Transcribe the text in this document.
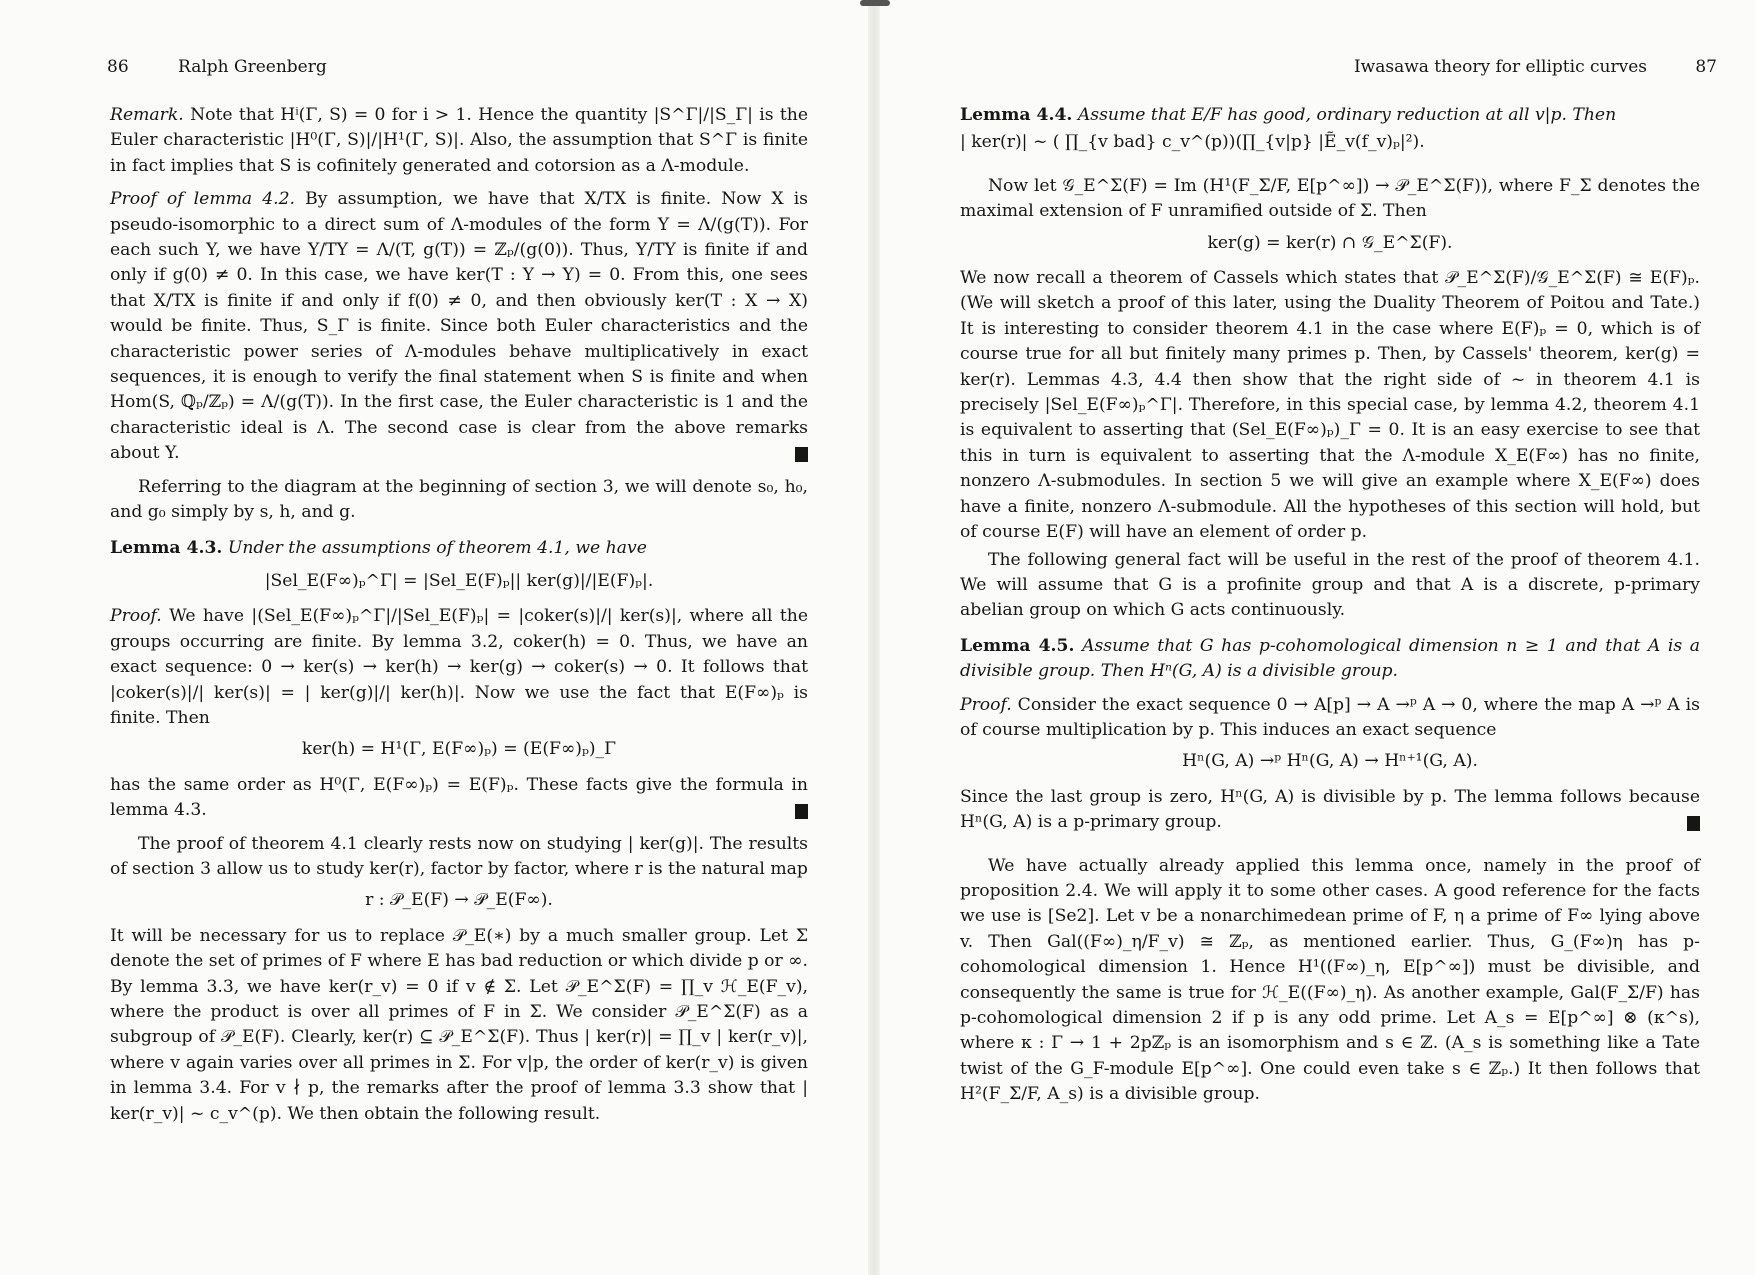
86	Ralph Greenberg

Remark. Note that Hⁱ(Γ, S) = 0 for i > 1. Hence the quantity |S^Γ|/|S_Γ| is the Euler characteristic |H⁰(Γ, S)|/|H¹(Γ, S)|. Also, the assumption that S^Γ is finite in fact implies that S is cofinitely generated and cotorsion as a Λ-module.

Proof of lemma 4.2. By assumption, we have that X/TX is finite. Now X is pseudo-isomorphic to a direct sum of Λ-modules of the form Y = Λ/(g(T)). For each such Y, we have Y/TY = Λ/(T, g(T)) = ℤₚ/(g(0)). Thus, Y/TY is finite if and only if g(0) ≠ 0. In this case, we have ker(T : Y → Y) = 0. From this, one sees that X/TX is finite if and only if f(0) ≠ 0, and then obviously ker(T : X → X) would be finite. Thus, S_Γ is finite. Since both Euler characteristics and the characteristic power series of Λ-modules behave multiplicatively in exact sequences, it is enough to verify the final statement when S is finite and when Hom(S, ℚₚ/ℤₚ) = Λ/(g(T)). In the first case, the Euler characteristic is 1 and the characteristic ideal is Λ. The second case is clear from the above remarks about Y.

Referring to the diagram at the beginning of section 3, we will denote s₀, h₀, and g₀ simply by s, h, and g.

Lemma 4.3. Under the assumptions of theorem 4.1, we have

|Sel_E(F∞)ₚ^Γ| = |Sel_E(F)ₚ|| ker(g)|/|E(F)ₚ|.

Proof. We have |(Sel_E(F∞)ₚ^Γ|/|Sel_E(F)ₚ| = |coker(s)|/| ker(s)|, where all the groups occurring are finite. By lemma 3.2, coker(h) = 0. Thus, we have an exact sequence: 0 → ker(s) → ker(h) → ker(g) → coker(s) → 0. It follows that |coker(s)|/| ker(s)| = | ker(g)|/| ker(h)|. Now we use the fact that E(F∞)ₚ is finite. Then

ker(h) = H¹(Γ, E(F∞)ₚ) = (E(F∞)ₚ)_Γ

has the same order as H⁰(Γ, E(F∞)ₚ) = E(F)ₚ. These facts give the formula in lemma 4.3.

The proof of theorem 4.1 clearly rests now on studying | ker(g)|. The results of section 3 allow us to study ker(r), factor by factor, where r is the natural map

r : 𝒫_E(F) → 𝒫_E(F∞).

It will be necessary for us to replace 𝒫_E(∗) by a much smaller group. Let Σ denote the set of primes of F where E has bad reduction or which divide p or ∞. By lemma 3.3, we have ker(r_v) = 0 if v ∉ Σ. Let 𝒫_E^Σ(F) = ∏_v ℋ_E(F_v), where the product is over all primes of F in Σ. We consider 𝒫_E^Σ(F) as a subgroup of 𝒫_E(F). Clearly, ker(r) ⊆ 𝒫_E^Σ(F). Thus | ker(r)| = ∏_v | ker(r_v)|, where v again varies over all primes in Σ. For v|p, the order of ker(r_v) is given in lemma 3.4. For v ∤ p, the remarks after the proof of lemma 3.3 show that | ker(r_v)| ~ c_v^(p). We then obtain the following result.

Iwasawa theory for elliptic curves	87

Lemma 4.4. Assume that E/F has good, ordinary reduction at all v|p. Then

| ker(r)| ~ ( ∏_{v bad} c_v^(p))(∏_{v|p} |Ẽ_v(f_v)ₚ|²).

Now let 𝒢_E^Σ(F) = Im (H¹(F_Σ/F, E[p^∞]) → 𝒫_E^Σ(F)), where F_Σ denotes the maximal extension of F unramified outside of Σ. Then

ker(g) = ker(r) ∩ 𝒢_E^Σ(F).

We now recall a theorem of Cassels which states that 𝒫_E^Σ(F)/𝒢_E^Σ(F) ≅ E(F)ₚ. (We will sketch a proof of this later, using the Duality Theorem of Poitou and Tate.) It is interesting to consider theorem 4.1 in the case where E(F)ₚ = 0, which is of course true for all but finitely many primes p. Then, by Cassels' theorem, ker(g) = ker(r). Lemmas 4.3, 4.4 then show that the right side of ~ in theorem 4.1 is precisely |Sel_E(F∞)ₚ^Γ|. Therefore, in this special case, by lemma 4.2, theorem 4.1 is equivalent to asserting that (Sel_E(F∞)ₚ)_Γ = 0. It is an easy exercise to see that this in turn is equivalent to asserting that the Λ-module X_E(F∞) has no finite, nonzero Λ-submodules. In section 5 we will give an example where X_E(F∞) does have a finite, nonzero Λ-submodule. All the hypotheses of this section will hold, but of course E(F) will have an element of order p.

The following general fact will be useful in the rest of the proof of theorem 4.1. We will assume that G is a profinite group and that A is a discrete, p-primary abelian group on which G acts continuously.

Lemma 4.5. Assume that G has p-cohomological dimension n ≥ 1 and that A is a divisible group. Then Hⁿ(G, A) is a divisible group.

Proof. Consider the exact sequence 0 → A[p] → A →ᵖ A → 0, where the map A →ᵖ A is of course multiplication by p. This induces an exact sequence

Hⁿ(G, A) →ᵖ Hⁿ(G, A) → Hⁿ⁺¹(G, A).

Since the last group is zero, Hⁿ(G, A) is divisible by p. The lemma follows because Hⁿ(G, A) is a p-primary group.

We have actually already applied this lemma once, namely in the proof of proposition 2.4. We will apply it to some other cases. A good reference for the facts we use is [Se2]. Let v be a nonarchimedean prime of F, η a prime of F∞ lying above v. Then Gal((F∞)_η/F_v) ≅ ℤₚ, as mentioned earlier. Thus, G_(F∞)η has p-cohomological dimension 1. Hence H¹((F∞)_η, E[p^∞]) must be divisible, and consequently the same is true for ℋ_E((F∞)_η). As another example, Gal(F_Σ/F) has p-cohomological dimension 2 if p is any odd prime. Let A_s = E[p^∞] ⊗ (κ^s), where κ : Γ → 1 + 2pℤₚ is an isomorphism and s ∈ ℤ. (A_s is something like a Tate twist of the G_F-module E[p^∞]. One could even take s ∈ ℤₚ.) It then follows that H²(F_Σ/F, A_s) is a divisible group.
